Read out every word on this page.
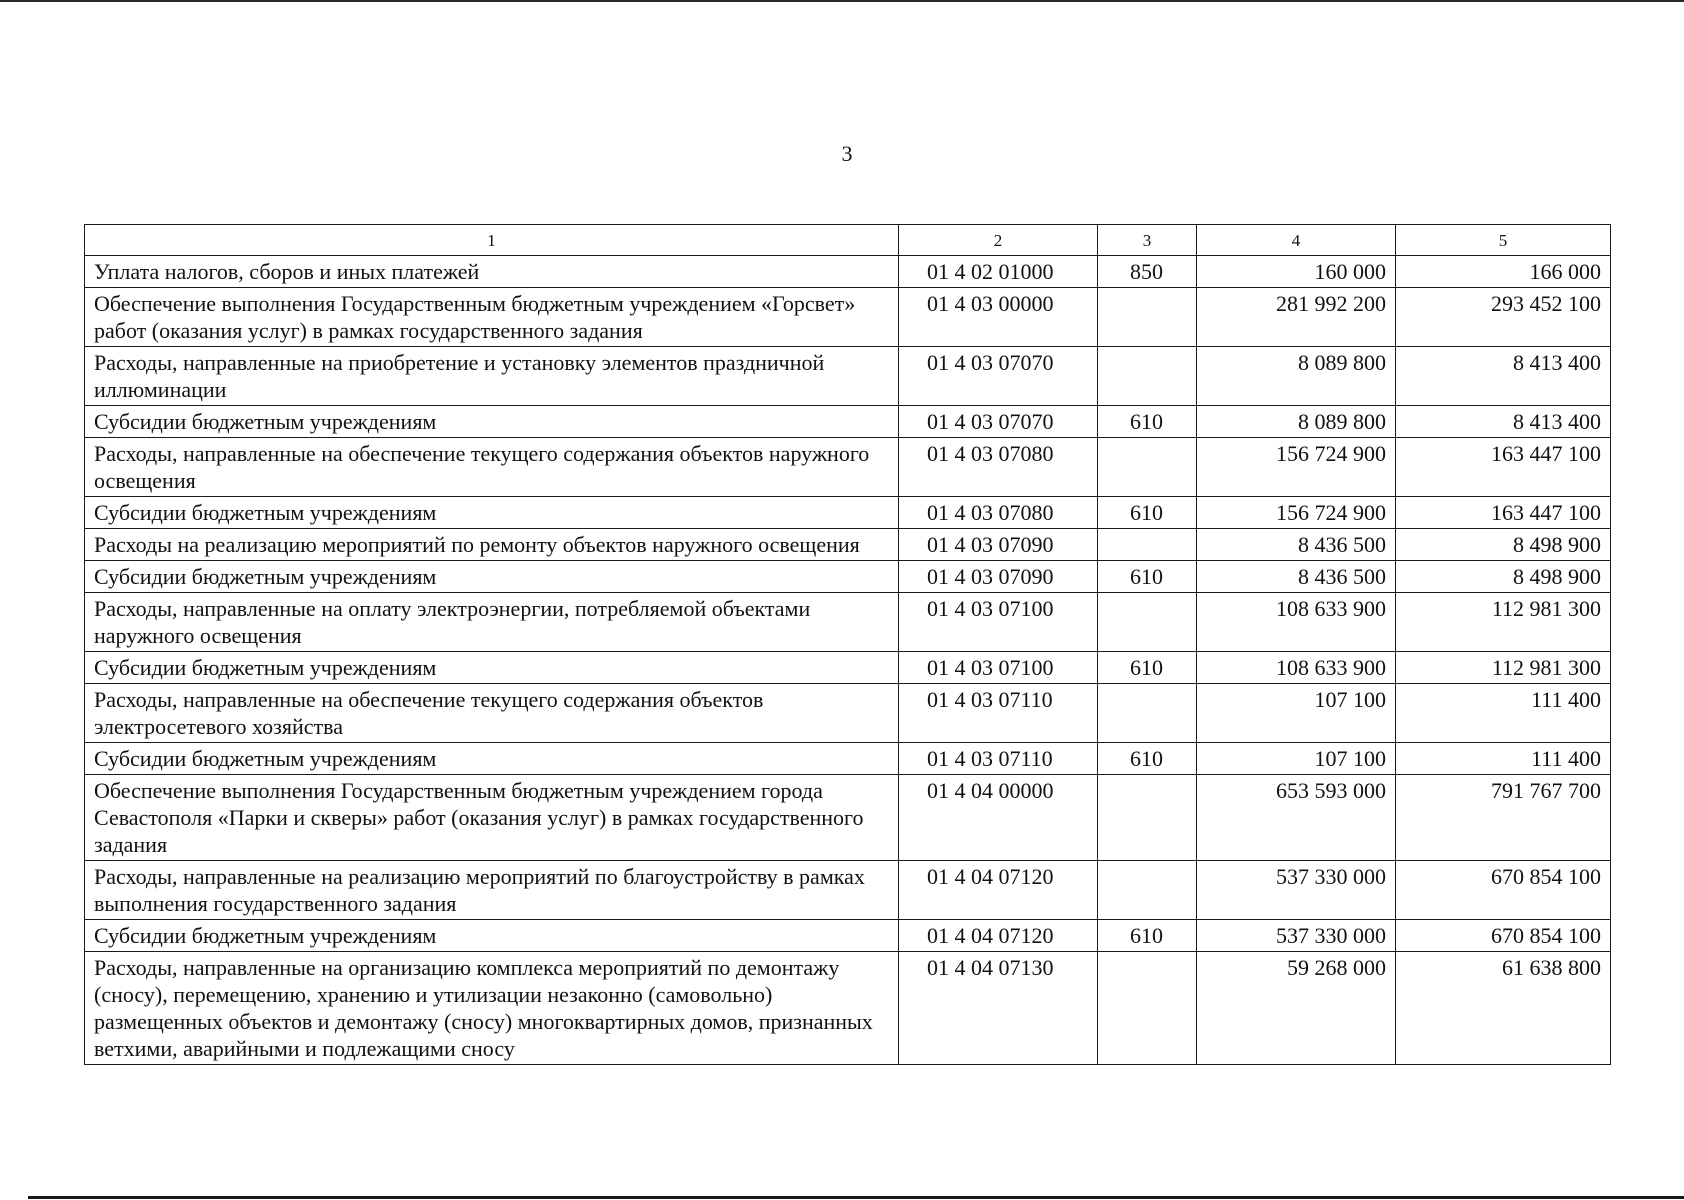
3
1	2	3	4	5
Уплата налогов, сборов и иных платежей	01 4 02 01000	850	160 000	166 000
Обеспечение выполнения Государственным бюджетным учреждением «Горсвет» работ (оказания услуг) в рамках государственного задания	01 4 03 00000		281 992 200	293 452 100
Расходы, направленные на приобретение и установку элементов праздничной иллюминации	01 4 03 07070		8 089 800	8 413 400
Субсидии бюджетным учреждениям	01 4 03 07070	610	8 089 800	8 413 400
Расходы, направленные на обеспечение текущего содержания объектов наружного освещения	01 4 03 07080		156 724 900	163 447 100
Субсидии бюджетным учреждениям	01 4 03 07080	610	156 724 900	163 447 100
Расходы на реализацию мероприятий по ремонту объектов наружного освещения	01 4 03 07090		8 436 500	8 498 900
Субсидии бюджетным учреждениям	01 4 03 07090	610	8 436 500	8 498 900
Расходы, направленные на оплату электроэнергии, потребляемой объектами наружного освещения	01 4 03 07100		108 633 900	112 981 300
Субсидии бюджетным учреждениям	01 4 03 07100	610	108 633 900	112 981 300
Расходы, направленные на обеспечение текущего содержания объектов электросетевого хозяйства	01 4 03 07110		107 100	111 400
Субсидии бюджетным учреждениям	01 4 03 07110	610	107 100	111 400
Обеспечение выполнения Государственным бюджетным учреждением города Севастополя «Парки и скверы» работ (оказания услуг) в рамках государственного задания	01 4 04 00000		653 593 000	791 767 700
Расходы, направленные на реализацию мероприятий по благоустройству в рамках выполнения государственного задания	01 4 04 07120		537 330 000	670 854 100
Субсидии бюджетным учреждениям	01 4 04 07120	610	537 330 000	670 854 100
Расходы, направленные на организацию комплекса мероприятий по демонтажу (сносу), перемещению, хранению и утилизации незаконно (самовольно) размещенных объектов и демонтажу (сносу) многоквартирных домов, признанных ветхими, аварийными и подлежащими сносу	01 4 04 07130		59 268 000	61 638 800
